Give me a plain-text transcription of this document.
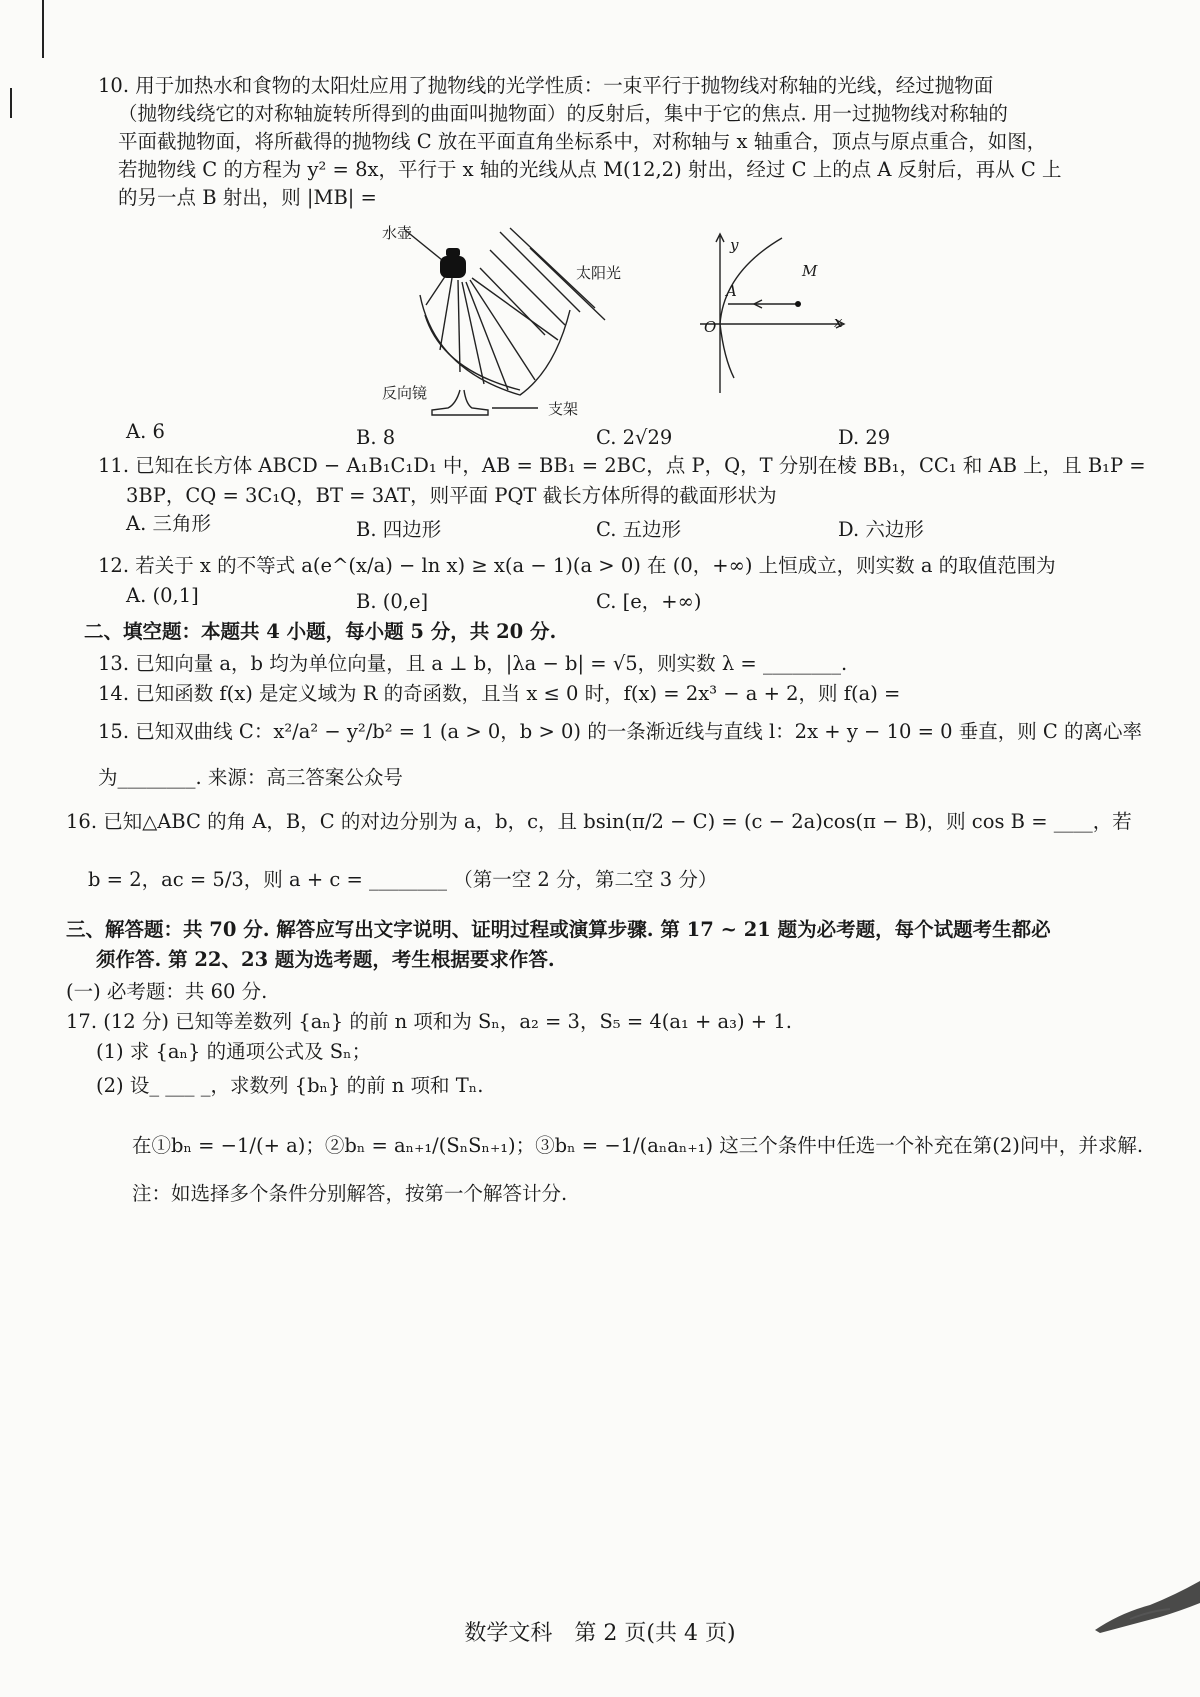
10. 用于加热水和食物的太阳灶应用了抛物线的光学性质：一束平行于抛物线对称轴的光线，经过抛物面
（抛物线绕它的对称轴旋转所得到的曲面叫抛物面）的反射后，集中于它的焦点. 用一过抛物线对称轴的
平面截抛物面，将所截得的抛物线 C 放在平面直角坐标系中，对称轴与 x 轴重合，顶点与原点重合，如图，
若抛物线 C 的方程为 y² = 8x，平行于 x 轴的光线从点 M(12,2) 射出，经过 C 上的点 A 反射后，再从 C 上
的另一点 B 射出，则 |MB| =
水壶
太阳光
反向镜
支架
y
x
O
A
M
A. 6	B. 8	C. 2√29	D. 29
11. 已知在长方体 ABCD − A₁B₁C₁D₁ 中，AB = BB₁ = 2BC，点 P，Q，T 分别在棱 BB₁，CC₁ 和 AB 上，且 B₁P =
3BP，CQ = 3C₁Q，BT = 3AT，则平面 PQT 截长方体所得的截面形状为
A. 三角形	B. 四边形	C. 五边形	D. 六边形
12. 若关于 x 的不等式 a(e^(x/a) − ln x) ≥ x(a − 1)(a > 0) 在 (0，+∞) 上恒成立，则实数 a 的取值范围为
A. (0,1]	B. (0,e]	C. [e，+∞)
二、填空题：本题共 4 小题，每小题 5 分，共 20 分.
13. 已知向量 a，b 均为单位向量，且 a ⊥ b，|λa − b| = √5，则实数 λ = ________.
14. 已知函数 f(x) 是定义域为 R 的奇函数，且当 x ≤ 0 时，f(x) = 2x³ − a + 2，则 f(a) =
15. 已知双曲线 C：x²/a² − y²/b² = 1 (a > 0，b > 0) 的一条渐近线与直线 l：2x + y − 10 = 0 垂直，则 C 的离心率
为________. 来源：高三答案公众号
16. 已知△ABC 的角 A，B，C 的对边分别为 a，b，c，且 bsin(π/2 − C) = (c − 2a)cos(π − B)，则 cos B = ____，若
b = 2，ac = 5/3，则 a + c = ________ （第一空 2 分，第二空 3 分）
三、解答题：共 70 分. 解答应写出文字说明、证明过程或演算步骤. 第 17 ~ 21 题为必考题，每个试题考生都必
须作答. 第 22、23 题为选考题，考生根据要求作答.
(一) 必考题：共 60 分.
17. (12 分) 已知等差数列 {aₙ} 的前 n 项和为 Sₙ，a₂ = 3，S₅ = 4(a₁ + a₃) + 1.
(1) 求 {aₙ} 的通项公式及 Sₙ；
(2) 设_ ___ _，求数列 {bₙ} 的前 n 项和 Tₙ.
在①bₙ = −1/(+ a)；②bₙ = aₙ₊₁/(SₙSₙ₊₁)；③bₙ = −1/(aₙaₙ₊₁) 这三个条件中任选一个补充在第(2)问中，并求解.
注：如选择多个条件分别解答，按第一个解答计分.
数学文科　第 2 页(共 4 页)
